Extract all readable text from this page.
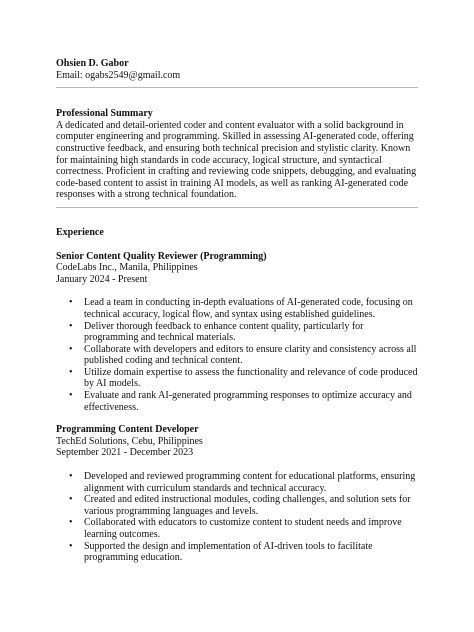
Ohsien D. Gabor
Email: ogabs2549@gmail.com
Professional Summary
A dedicated and detail-oriented coder and content evaluator with a solid background in computer engineering and programming. Skilled in assessing AI-generated code, offering constructive feedback, and ensuring both technical precision and stylistic clarity. Known for maintaining high standards in code accuracy, logical structure, and syntactical correctness. Proficient in crafting and reviewing code snippets, debugging, and evaluating code-based content to assist in training AI models, as well as ranking AI-generated code responses with a strong technical foundation.
Experience
Senior Content Quality Reviewer (Programming)
CodeLabs Inc., Manila, Philippines
January 2024 - Present
• Lead a team in conducting in-depth evaluations of AI-generated code, focusing on technical accuracy, logical flow, and syntax using established guidelines.
• Deliver thorough feedback to enhance content quality, particularly for programming and technical materials.
• Collaborate with developers and editors to ensure clarity and consistency across all published coding and technical content.
• Utilize domain expertise to assess the functionality and relevance of code produced by AI models.
• Evaluate and rank AI-generated programming responses to optimize accuracy and effectiveness.
Programming Content Developer
TechEd Solutions, Cebu, Philippines
September 2021 - December 2023
• Developed and reviewed programming content for educational platforms, ensuring alignment with curriculum standards and technical accuracy.
• Created and edited instructional modules, coding challenges, and solution sets for various programming languages and levels.
• Collaborated with educators to customize content to student needs and improve learning outcomes.
• Supported the design and implementation of AI-driven tools to facilitate programming education.
